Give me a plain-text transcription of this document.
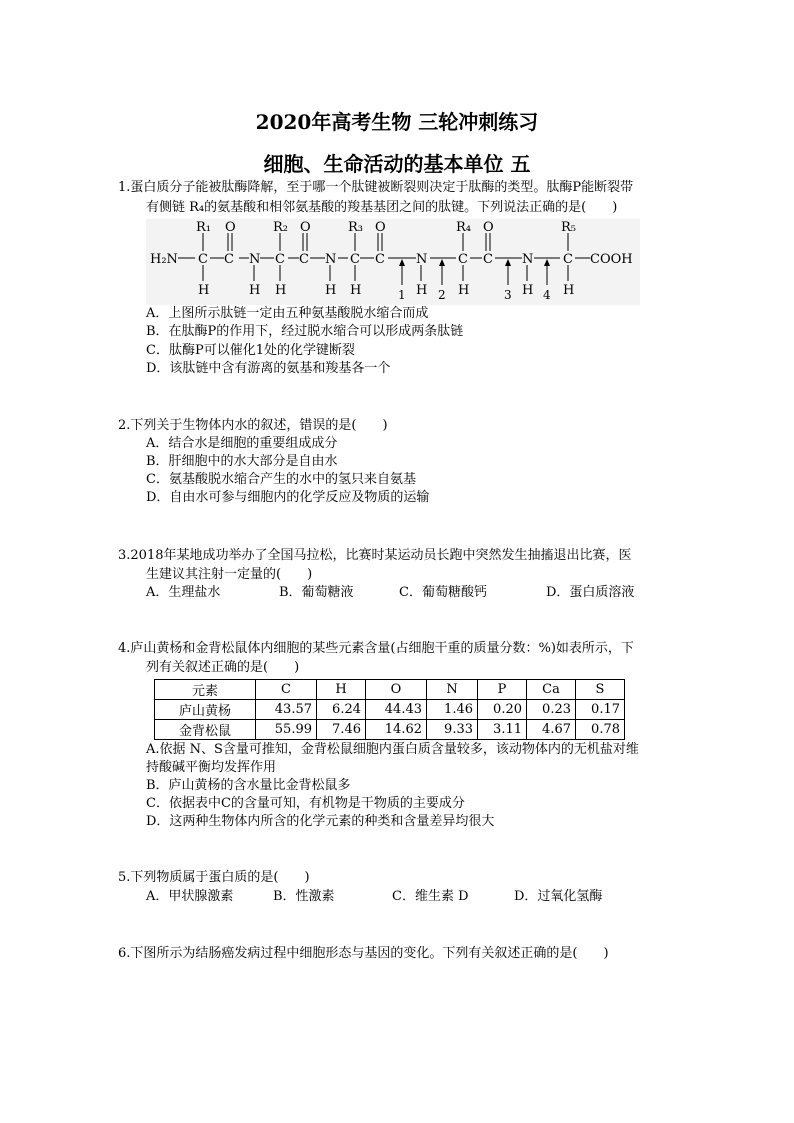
2020年高考生物 三轮冲刺练习
细胞、生命活动的基本单位 五
1.蛋白质分子能被肽酶降解，至于哪一个肽键被断裂则决定于肽酶的类型。肽酶P能断裂带
有侧链 R₄的氨基酸和相邻氨基酸的羧基基团之间的肽键。下列说法正确的是(　　)
H₂N	COOH
R₁	R₂	R₃	R₄	R₅
O	O	O	O
C C	C C	C C	C C	C
N	N	N	N
H	H H	H H	H H	H H
1	2	3	4
A．上图所示肽链一定由五种氨基酸脱水缩合而成
B．在肽酶P的作用下，经过脱水缩合可以形成两条肽链
C．肽酶P可以催化1处的化学键断裂
D．该肽链中含有游离的氨基和羧基各一个
2.下列关于生物体内水的叙述，错误的是(　　)
A．结合水是细胞的重要组成成分
B．肝细胞中的水大部分是自由水
C．氨基酸脱水缩合产生的水中的氢只来自氨基
D．自由水可参与细胞内的化学反应及物质的运输
3.2018年某地成功举办了全国马拉松，比赛时某运动员长跑中突然发生抽搐退出比赛，医
生建议其注射一定量的(　　)
A．生理盐水	B．葡萄糖液	C．葡萄糖酸钙	D．蛋白质溶液
4.庐山黄杨和金背松鼠体内细胞的某些元素含量(占细胞干重的质量分数：%)如表所示，下
列有关叙述正确的是(　　)
元素	C	H	O	N	P	Ca	S
庐山黄杨	43.57	6.24	44.43	1.46	0.20	0.23	0.17
金背松鼠	55.99	7.46	14.62	9.33	3.11	4.67	0.78
A.依据 N、S含量可推知，金背松鼠细胞内蛋白质含量较多，该动物体内的无机盐对维
持酸碱平衡均发挥作用
B．庐山黄杨的含水量比金背松鼠多
C．依据表中C的含量可知，有机物是干物质的主要成分
D．这两种生物体内所含的化学元素的种类和含量差异均很大
5.下列物质属于蛋白质的是(　　)
A．甲状腺激素	B．性激素	C．维生素 D	D．过氧化氢酶
6.下图所示为结肠癌发病过程中细胞形态与基因的变化。下列有关叙述正确的是(　　)
